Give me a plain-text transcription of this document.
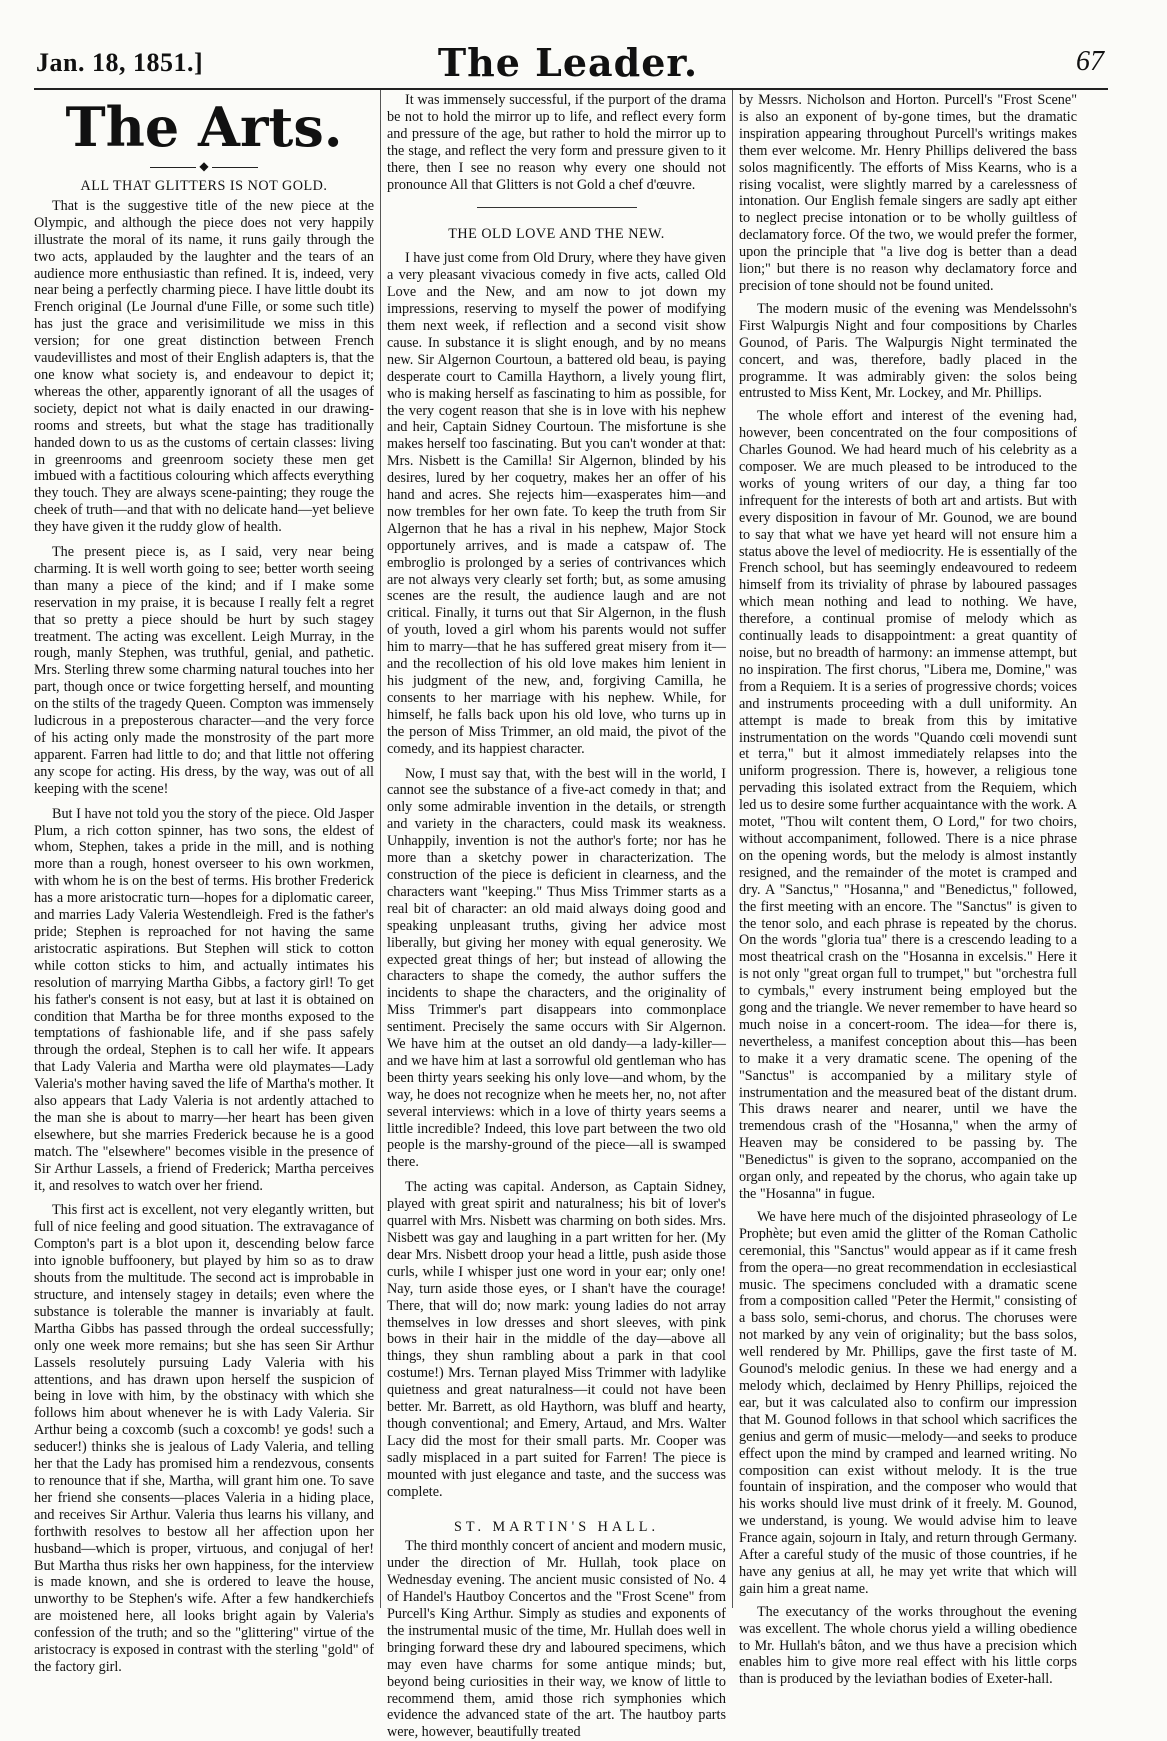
Jan. 18, 1851.]	The Leader.	67
The Arts.
◆
ALL THAT GLITTERS IS NOT GOLD.

That is the suggestive title of the new piece at the Olympic, and although the piece does not very happily illustrate the moral of its name, it runs gaily through the two acts, applauded by the laughter and the tears of an audience more enthusiastic than refined. It is, indeed, very near being a perfectly charming piece. I have little doubt its French original (Le Journal d'une Fille, or some such title) has just the grace and verisimilitude we miss in this version; for one great distinction between French vaudevillistes and most of their English adapters is, that the one know what society is, and endeavour to depict it; whereas the other, apparently ignorant of all the usages of society, depict not what is daily enacted in our drawing-rooms and streets, but what the stage has traditionally handed down to us as the customs of certain classes: living in greenrooms and greenroom society these men get imbued with a factitious colouring which affects everything they touch. They are always scene-painting; they rouge the cheek of truth—and that with no delicate hand—yet believe they have given it the ruddy glow of health.

The present piece is, as I said, very near being charming. It is well worth going to see; better worth seeing than many a piece of the kind; and if I make some reservation in my praise, it is because I really felt a regret that so pretty a piece should be hurt by such stagey treatment. The acting was excellent. Leigh Murray, in the rough, manly Stephen, was truthful, genial, and pathetic. Mrs. Sterling threw some charming natural touches into her part, though once or twice forgetting herself, and mounting on the stilts of the tragedy Queen. Compton was immensely ludicrous in a preposterous character—and the very force of his acting only made the monstrosity of the part more apparent. Farren had little to do; and that little not offering any scope for acting. His dress, by the way, was out of all keeping with the scene!

But I have not told you the story of the piece. Old Jasper Plum, a rich cotton spinner, has two sons, the eldest of whom, Stephen, takes a pride in the mill, and is nothing more than a rough, honest overseer to his own workmen, with whom he is on the best of terms. His brother Frederick has a more aristocratic turn—hopes for a diplomatic career, and marries Lady Valeria Westendleigh. Fred is the father's pride; Stephen is reproached for not having the same aristocratic aspirations. But Stephen will stick to cotton while cotton sticks to him, and actually intimates his resolution of marrying Martha Gibbs, a factory girl! To get his father's consent is not easy, but at last it is obtained on condition that Martha be for three months exposed to the temptations of fashionable life, and if she pass safely through the ordeal, Stephen is to call her wife. It appears that Lady Valeria and Martha were old playmates—Lady Valeria's mother having saved the life of Martha's mother. It also appears that Lady Valeria is not ardently attached to the man she is about to marry—her heart has been given elsewhere, but she marries Frederick because he is a good match. The "elsewhere" becomes visible in the presence of Sir Arthur Lassels, a friend of Frederick; Martha perceives it, and resolves to watch over her friend.

This first act is excellent, not very elegantly written, but full of nice feeling and good situation. The extravagance of Compton's part is a blot upon it, descending below farce into ignoble buffoonery, but played by him so as to draw shouts from the multitude. The second act is improbable in structure, and intensely stagey in details; even where the substance is tolerable the manner is invariably at fault. Martha Gibbs has passed through the ordeal successfully; only one week more remains; but she has seen Sir Arthur Lassels resolutely pursuing Lady Valeria with his attentions, and has drawn upon herself the suspicion of being in love with him, by the obstinacy with which she follows him about whenever he is with Lady Valeria. Sir Arthur being a coxcomb (such a coxcomb! ye gods! such a seducer!) thinks she is jealous of Lady Valeria, and telling her that the Lady has promised him a rendezvous, consents to renounce that if she, Martha, will grant him one. To save her friend she consents—places Valeria in a hiding place, and receives Sir Arthur. Valeria thus learns his villany, and forthwith resolves to bestow all her affection upon her husband—which is proper, virtuous, and conjugal of her! But Martha thus risks her own happiness, for the interview is made known, and she is ordered to leave the house, unworthy to be Stephen's wife. After a few handkerchiefs are moistened here, all looks bright again by Valeria's confession of the truth; and so the "glittering" virtue of the aristocracy is exposed in contrast with the sterling "gold" of the factory girl.

It was immensely successful, if the purport of the drama be not to hold the mirror up to life, and reflect every form and pressure of the age, but rather to hold the mirror up to the stage, and reflect the very form and pressure given to it there, then I see no reason why every one should not pronounce All that Glitters is not Gold a chef d'œuvre.

THE OLD LOVE AND THE NEW.

I have just come from Old Drury, where they have given a very pleasant vivacious comedy in five acts, called Old Love and the New, and am now to jot down my impressions, reserving to myself the power of modifying them next week, if reflection and a second visit show cause. In substance it is slight enough, and by no means new. Sir Algernon Courtoun, a battered old beau, is paying desperate court to Camilla Haythorn, a lively young flirt, who is making herself as fascinating to him as possible, for the very cogent reason that she is in love with his nephew and heir, Captain Sidney Courtoun. The misfortune is she makes herself too fascinating. But you can't wonder at that: Mrs. Nisbett is the Camilla! Sir Algernon, blinded by his desires, lured by her coquetry, makes her an offer of his hand and acres. She rejects him—exasperates him—and now trembles for her own fate. To keep the truth from Sir Algernon that he has a rival in his nephew, Major Stock opportunely arrives, and is made a catspaw of. The embroglio is prolonged by a series of contrivances which are not always very clearly set forth; but, as some amusing scenes are the result, the audience laugh and are not critical. Finally, it turns out that Sir Algernon, in the flush of youth, loved a girl whom his parents would not suffer him to marry—that he has suffered great misery from it—and the recollection of his old love makes him lenient in his judgment of the new, and, forgiving Camilla, he consents to her marriage with his nephew. While, for himself, he falls back upon his old love, who turns up in the person of Miss Trimmer, an old maid, the pivot of the comedy, and its happiest character.

Now, I must say that, with the best will in the world, I cannot see the substance of a five-act comedy in that; and only some admirable invention in the details, or strength and variety in the characters, could mask its weakness. Unhappily, invention is not the author's forte; nor has he more than a sketchy power in characterization. The construction of the piece is deficient in clearness, and the characters want "keeping." Thus Miss Trimmer starts as a real bit of character: an old maid always doing good and speaking unpleasant truths, giving her advice most liberally, but giving her money with equal generosity. We expected great things of her; but instead of allowing the characters to shape the comedy, the author suffers the incidents to shape the characters, and the originality of Miss Trimmer's part disappears into commonplace sentiment. Precisely the same occurs with Sir Algernon. We have him at the outset an old dandy—a lady-killer—and we have him at last a sorrowful old gentleman who has been thirty years seeking his only love—and whom, by the way, he does not recognize when he meets her, no, not after several interviews: which in a love of thirty years seems a little incredible? Indeed, this love part between the two old people is the marshy-ground of the piece—all is swamped there.

The acting was capital. Anderson, as Captain Sidney, played with great spirit and naturalness; his bit of lover's quarrel with Mrs. Nisbett was charming on both sides. Mrs. Nisbett was gay and laughing in a part written for her. (My dear Mrs. Nisbett droop your head a little, push aside those curls, while I whisper just one word in your ear; only one! Nay, turn aside those eyes, or I shan't have the courage! There, that will do; now mark: young ladies do not array themselves in low dresses and short sleeves, with pink bows in their hair in the middle of the day—above all things, they shun rambling about a park in that cool costume!) Mrs. Ternan played Miss Trimmer with ladylike quietness and great naturalness—it could not have been better. Mr. Barrett, as old Haythorn, was bluff and hearty, though conventional; and Emery, Artaud, and Mrs. Walter Lacy did the most for their small parts. Mr. Cooper was sadly misplaced in a part suited for Farren! The piece is mounted with just elegance and taste, and the success was complete.

ST. MARTIN'S HALL.

The third monthly concert of ancient and modern music, under the direction of Mr. Hullah, took place on Wednesday evening. The ancient music consisted of No. 4 of Handel's Hautboy Concertos and the "Frost Scene" from Purcell's King Arthur. Simply as studies and exponents of the instrumental music of the time, Mr. Hullah does well in bringing forward these dry and laboured specimens, which may even have charms for some antique minds; but, beyond being curiosities in their way, we know of little to recommend them, amid those rich symphonies which evidence the advanced state of the art. The hautboy parts were, however, beautifully treated

by Messrs. Nicholson and Horton. Purcell's "Frost Scene" is also an exponent of by-gone times, but the dramatic inspiration appearing throughout Purcell's writings makes them ever welcome. Mr. Henry Phillips delivered the bass solos magnificently. The efforts of Miss Kearns, who is a rising vocalist, were slightly marred by a carelessness of intonation. Our English female singers are sadly apt either to neglect precise intonation or to be wholly guiltless of declamatory force. Of the two, we would prefer the former, upon the principle that "a live dog is better than a dead lion;" but there is no reason why declamatory force and precision of tone should not be found united.

The modern music of the evening was Mendelssohn's First Walpurgis Night and four compositions by Charles Gounod, of Paris. The Walpurgis Night terminated the concert, and was, therefore, badly placed in the programme. It was admirably given: the solos being entrusted to Miss Kent, Mr. Lockey, and Mr. Phillips.

The whole effort and interest of the evening had, however, been concentrated on the four compositions of Charles Gounod. We had heard much of his celebrity as a composer. We are much pleased to be introduced to the works of young writers of our day, a thing far too infrequent for the interests of both art and artists. But with every disposition in favour of Mr. Gounod, we are bound to say that what we have yet heard will not ensure him a status above the level of mediocrity. He is essentially of the French school, but has seemingly endeavoured to redeem himself from its triviality of phrase by laboured passages which mean nothing and lead to nothing. We have, therefore, a continual promise of melody which as continually leads to disappointment: a great quantity of noise, but no breadth of harmony: an immense attempt, but no inspiration. The first chorus, "Libera me, Domine," was from a Requiem. It is a series of progressive chords; voices and instruments proceeding with a dull uniformity. An attempt is made to break from this by imitative instrumentation on the words "Quando cœli movendi sunt et terra," but it almost immediately relapses into the uniform progression. There is, however, a religious tone pervading this isolated extract from the Requiem, which led us to desire some further acquaintance with the work. A motet, "Thou wilt content them, O Lord," for two choirs, without accompaniment, followed. There is a nice phrase on the opening words, but the melody is almost instantly resigned, and the remainder of the motet is cramped and dry. A "Sanctus," "Hosanna," and "Benedictus," followed, the first meeting with an encore. The "Sanctus" is given to the tenor solo, and each phrase is repeated by the chorus. On the words "gloria tua" there is a crescendo leading to a most theatrical crash on the "Hosanna in excelsis." Here it is not only "great organ full to trumpet," but "orchestra full to cymbals," every instrument being employed but the gong and the triangle. We never remember to have heard so much noise in a concert-room. The idea—for there is, nevertheless, a manifest conception about this—has been to make it a very dramatic scene. The opening of the "Sanctus" is accompanied by a military style of instrumentation and the measured beat of the distant drum. This draws nearer and nearer, until we have the tremendous crash of the "Hosanna," when the army of Heaven may be considered to be passing by. The "Benedictus" is given to the soprano, accompanied on the organ only, and repeated by the chorus, who again take up the "Hosanna" in fugue.

We have here much of the disjointed phraseology of Le Prophète; but even amid the glitter of the Roman Catholic ceremonial, this "Sanctus" would appear as if it came fresh from the opera—no great recommendation in ecclesiastical music. The specimens concluded with a dramatic scene from a composition called "Peter the Hermit," consisting of a bass solo, semi-chorus, and chorus. The choruses were not marked by any vein of originality; but the bass solos, well rendered by Mr. Phillips, gave the first taste of M. Gounod's melodic genius. In these we had energy and a melody which, declaimed by Henry Phillips, rejoiced the ear, but it was calculated also to confirm our impression that M. Gounod follows in that school which sacrifices the genius and germ of music—melody—and seeks to produce effect upon the mind by cramped and learned writing. No composition can exist without melody. It is the true fountain of inspiration, and the composer who would that his works should live must drink of it freely. M. Gounod, we understand, is young. We would advise him to leave France again, sojourn in Italy, and return through Germany. After a careful study of the music of those countries, if he have any genius at all, he may yet write that which will gain him a great name.

The executancy of the works throughout the evening was excellent. The whole chorus yield a willing obedience to Mr. Hullah's bâton, and we thus have a precision which enables him to give more real effect with his little corps than is produced by the leviathan bodies of Exeter-hall.
